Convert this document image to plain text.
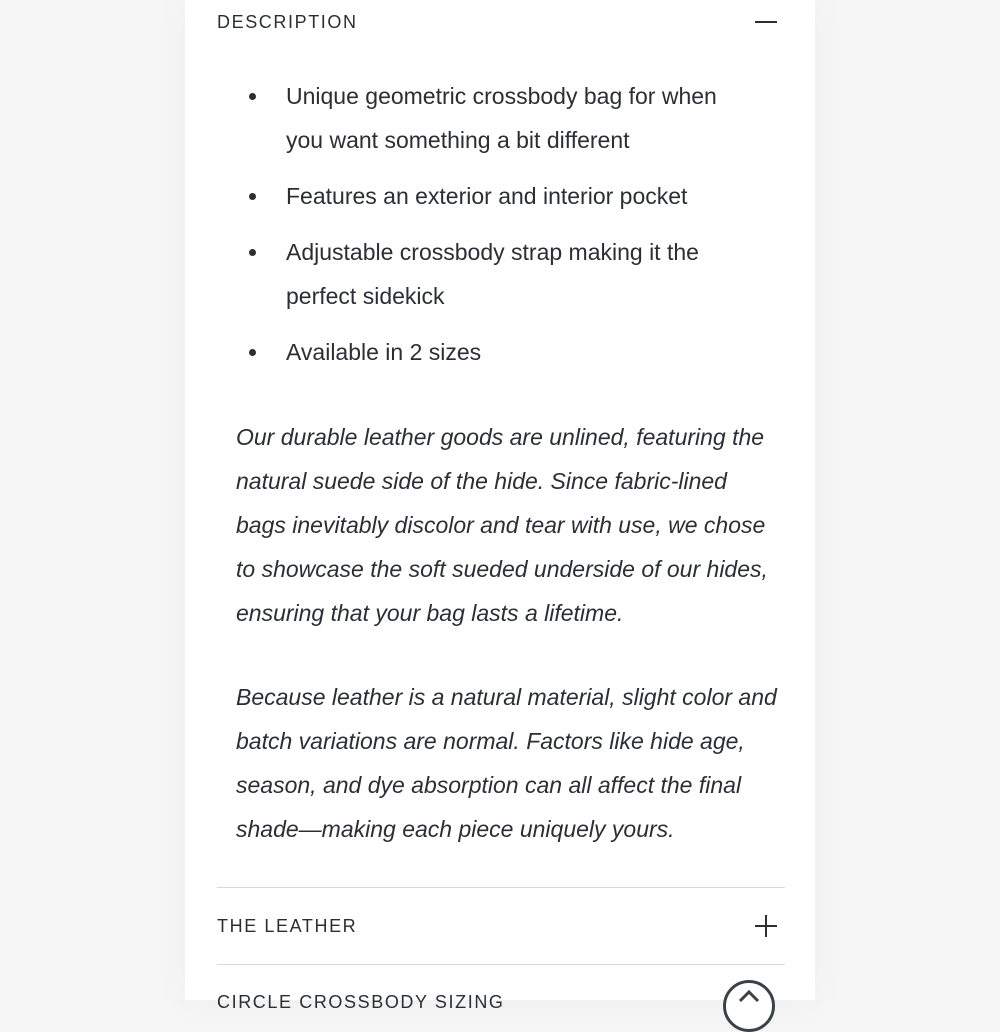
DESCRIPTION
Unique geometric crossbody bag for when you want something a bit different
Features an exterior and interior pocket
Adjustable crossbody strap making it the perfect sidekick
Available in 2 sizes

Our durable leather goods are unlined, featuring the natural suede side of the hide. Since fabric-lined bags inevitably discolor and tear with use, we chose to showcase the soft sueded underside of our hides, ensuring that your bag lasts a lifetime.

Because leather is a natural material, slight color and batch variations are normal. Factors like hide age, season, and dye absorption can all affect the final shade—making each piece uniquely yours.

THE LEATHER
CIRCLE CROSSBODY SIZING
